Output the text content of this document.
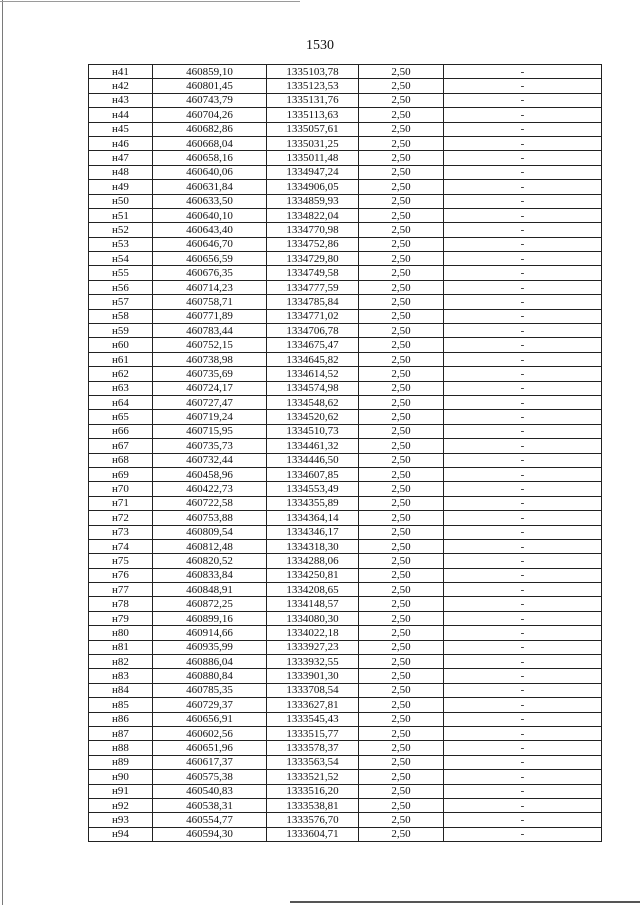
1530
н41	460859,10	1335103,78	2,50	-
н42	460801,45	1335123,53	2,50	-
н43	460743,79	1335131,76	2,50	-
н44	460704,26	1335113,63	2,50	-
н45	460682,86	1335057,61	2,50	-
н46	460668,04	1335031,25	2,50	-
н47	460658,16	1335011,48	2,50	-
н48	460640,06	1334947,24	2,50	-
н49	460631,84	1334906,05	2,50	-
н50	460633,50	1334859,93	2,50	-
н51	460640,10	1334822,04	2,50	-
н52	460643,40	1334770,98	2,50	-
н53	460646,70	1334752,86	2,50	-
н54	460656,59	1334729,80	2,50	-
н55	460676,35	1334749,58	2,50	-
н56	460714,23	1334777,59	2,50	-
н57	460758,71	1334785,84	2,50	-
н58	460771,89	1334771,02	2,50	-
н59	460783,44	1334706,78	2,50	-
н60	460752,15	1334675,47	2,50	-
н61	460738,98	1334645,82	2,50	-
н62	460735,69	1334614,52	2,50	-
н63	460724,17	1334574,98	2,50	-
н64	460727,47	1334548,62	2,50	-
н65	460719,24	1334520,62	2,50	-
н66	460715,95	1334510,73	2,50	-
н67	460735,73	1334461,32	2,50	-
н68	460732,44	1334446,50	2,50	-
н69	460458,96	1334607,85	2,50	-
н70	460422,73	1334553,49	2,50	-
н71	460722,58	1334355,89	2,50	-
н72	460753,88	1334364,14	2,50	-
н73	460809,54	1334346,17	2,50	-
н74	460812,48	1334318,30	2,50	-
н75	460820,52	1334288,06	2,50	-
н76	460833,84	1334250,81	2,50	-
н77	460848,91	1334208,65	2,50	-
н78	460872,25	1334148,57	2,50	-
н79	460899,16	1334080,30	2,50	-
н80	460914,66	1334022,18	2,50	-
н81	460935,99	1333927,23	2,50	-
н82	460886,04	1333932,55	2,50	-
н83	460880,84	1333901,30	2,50	-
н84	460785,35	1333708,54	2,50	-
н85	460729,37	1333627,81	2,50	-
н86	460656,91	1333545,43	2,50	-
н87	460602,56	1333515,77	2,50	-
н88	460651,96	1333578,37	2,50	-
н89	460617,37	1333563,54	2,50	-
н90	460575,38	1333521,52	2,50	-
н91	460540,83	1333516,20	2,50	-
н92	460538,31	1333538,81	2,50	-
н93	460554,77	1333576,70	2,50	-
н94	460594,30	1333604,71	2,50	-
